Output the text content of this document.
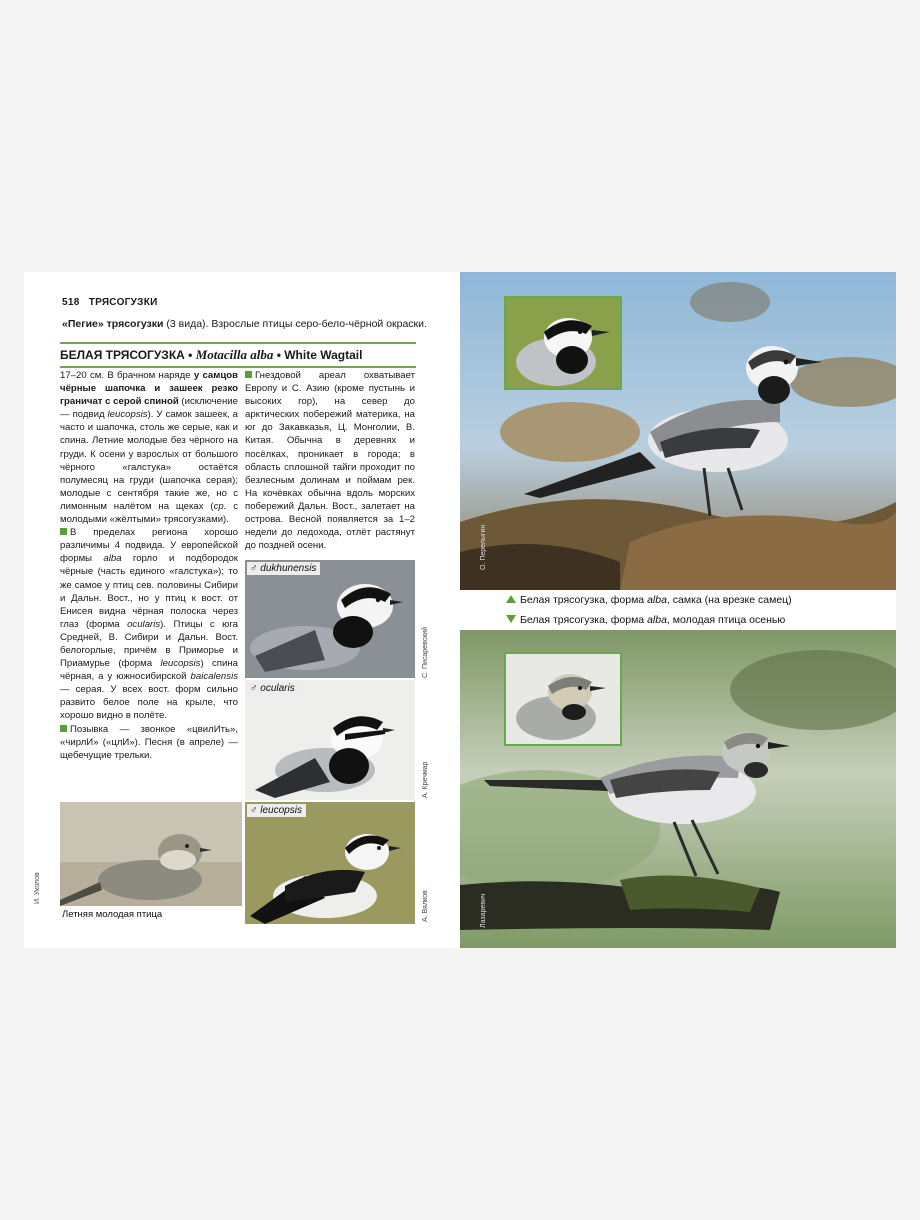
518 ТРЯСОГУЗКИ
«Пегие» трясогузки (3 вида). Взрослые птицы серо-бело-чёрной окраски.
БЕЛАЯ ТРЯСОГУЗКА • Motacilla alba • White Wagtail

17–20 см. В брачном наряде у самцов чёрные шапочка и зашеек резко граничат с серой спиной (исключение — подвид leucopsis). У самок зашеек, а часто и шапочка, столь же серые, как и спина. Летние молодые без чёрного на груди. К осени у взрослых от большого чёрного «галстука» остаётся полумесяц на груди (шапочка серая); молодые с сентября такие же, но с лимонным налётом на щеках (ср. с молодыми «жёлтыми» трясогузками).

В пределах региона хорошо различимы 4 подвида. У европейской формы alba горло и подбородок чёрные (часть единого «галстука»); то же самое у птиц сев. половины Сибири и Дальн. Вост., но у птиц к вост. от Енисея видна чёрная полоска через глаз (форма ocularis). Птицы с юга Средней, В. Сибири и Дальн. Вост. белогорлые, причём в Приморье и Приамурье (форма leucopsis) спина чёрная, а у южносибирской baicalensis — серая. У всех вост. форм сильно развито белое поле на крыле, что хорошо видно в полёте.

Позывка — звонкое «цвилИть», «чирлИ» («цлИ»). Песня (в апреле) — щебечущие трельки.

Гнездовой ареал охватывает Европу и С. Азию (кроме пустынь и высоких гор), на север до арктических побережий материка, на юг до Закавказья, Ц. Монголии, В. Китая. Обычна в деревнях и посёлках, проникает в города; в область сплошной тайги проходит по безлесным долинам и поймам рек. На кочёвках обычна вдоль морских побережий Дальн. Вост., залетает на острова. Весной появляется за 1–2 недели до ледохода, отлёт растянут до поздней осени.

Летняя молодая птица
И. Уколов
♂ dukhunensis
С. Писарeвский
♂ ocularis
А. Кречмар
♂ leucopsis
А. Вялков
О. Перелыгин
Белая трясогузка, форма alba, самка (на врезке самец)
Белая трясогузка, форма alba, молодая птица осенью
Лазаревич
